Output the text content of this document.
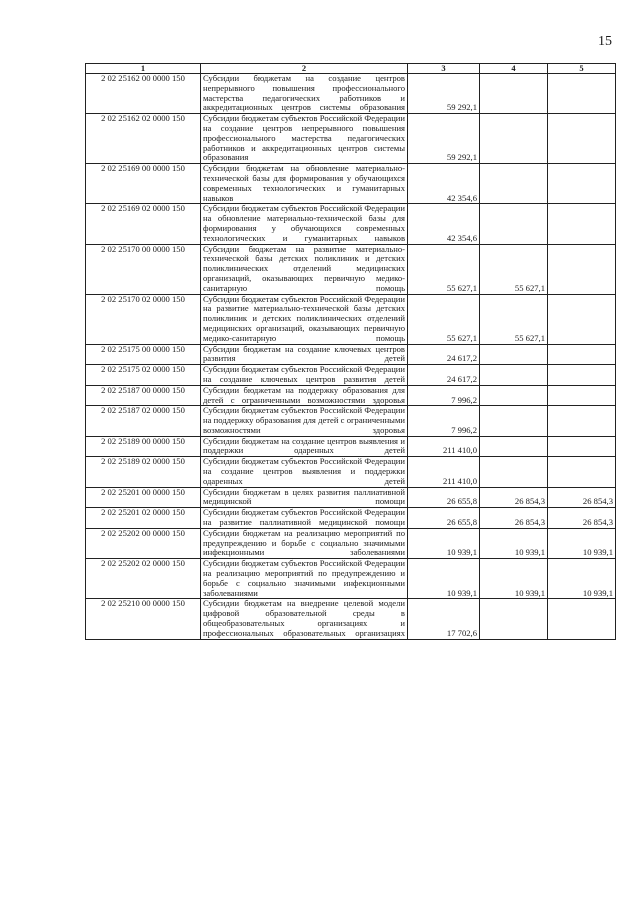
15
1	2	3	4	5
2 02 25162 00 0000 150	Субсидии бюджетам на создание центров непрерывного повышения профессионального мастерства педагогических работников и аккредитационных центров системы образования	59 292,1		
2 02 25162 02 0000 150	Субсидии бюджетам субъектов Российской Федерации на создание центров непрерывного повышения профессионального мастерства педагогических работников и аккредитационных центров системы образования	59 292,1		
2 02 25169 00 0000 150	Субсидии бюджетам на обновление материально-технической базы для формирования у обучающихся современных технологических и гуманитарных навыков	42 354,6		
2 02 25169 02 0000 150	Субсидии бюджетам субъектов Российской Федерации на обновление материально-технической базы для формирования у обучающихся современных технологических и гуманитарных навыков	42 354,6		
2 02 25170 00 0000 150	Субсидии бюджетам на развитие материально-технической базы детских поликлиник и детских поликлинических отделений медицинских организаций, оказывающих первичную медико-санитарную помощь	55 627,1	55 627,1	
2 02 25170 02 0000 150	Субсидии бюджетам субъектов Российской Федерации на развитие материально-технической базы детских поликлиник и детских поликлинических отделений медицинских организаций, оказывающих первичную медико-санитарную помощь	55 627,1	55 627,1	
2 02 25175 00 0000 150	Субсидии бюджетам на создание ключевых центров развития детей	24 617,2		
2 02 25175 02 0000 150	Субсидии бюджетам субъектов Российской Федерации на создание ключевых центров развития детей	24 617,2		
2 02 25187 00 0000 150	Субсидии бюджетам на поддержку образования для детей с ограниченными возможностями здоровья	7 996,2		
2 02 25187 02 0000 150	Субсидии бюджетам субъектов Российской Федерации на поддержку образования для детей с ограниченными возможностями здоровья	7 996,2		
2 02 25189 00 0000 150	Субсидии бюджетам на создание центров выявления и поддержки одаренных детей	211 410,0		
2 02 25189 02 0000 150	Субсидии бюджетам субъектов Российской Федерации на создание центров выявления и поддержки одаренных детей	211 410,0		
2 02 25201 00 0000 150	Субсидии бюджетам в целях развития паллиативной медицинской помощи	26 655,8	26 854,3	26 854,3
2 02 25201 02 0000 150	Субсидии бюджетам субъектов Российской Федерации на развитие паллиативной медицинской помощи	26 655,8	26 854,3	26 854,3
2 02 25202 00 0000 150	Субсидии бюджетам на реализацию мероприятий по предупреждению и борьбе с социально значимыми инфекционными заболеваниями	10 939,1	10 939,1	10 939,1
2 02 25202 02 0000 150	Субсидии бюджетам субъектов Российской Федерации на реализацию мероприятий по предупреждению и борьбе с социально значимыми инфекционными заболеваниями	10 939,1	10 939,1	10 939,1
2 02 25210 00 0000 150	Субсидии бюджетам на внедрение целевой модели цифровой образовательной среды в общеобразовательных организациях и профессиональных образовательных организациях	17 702,6		
